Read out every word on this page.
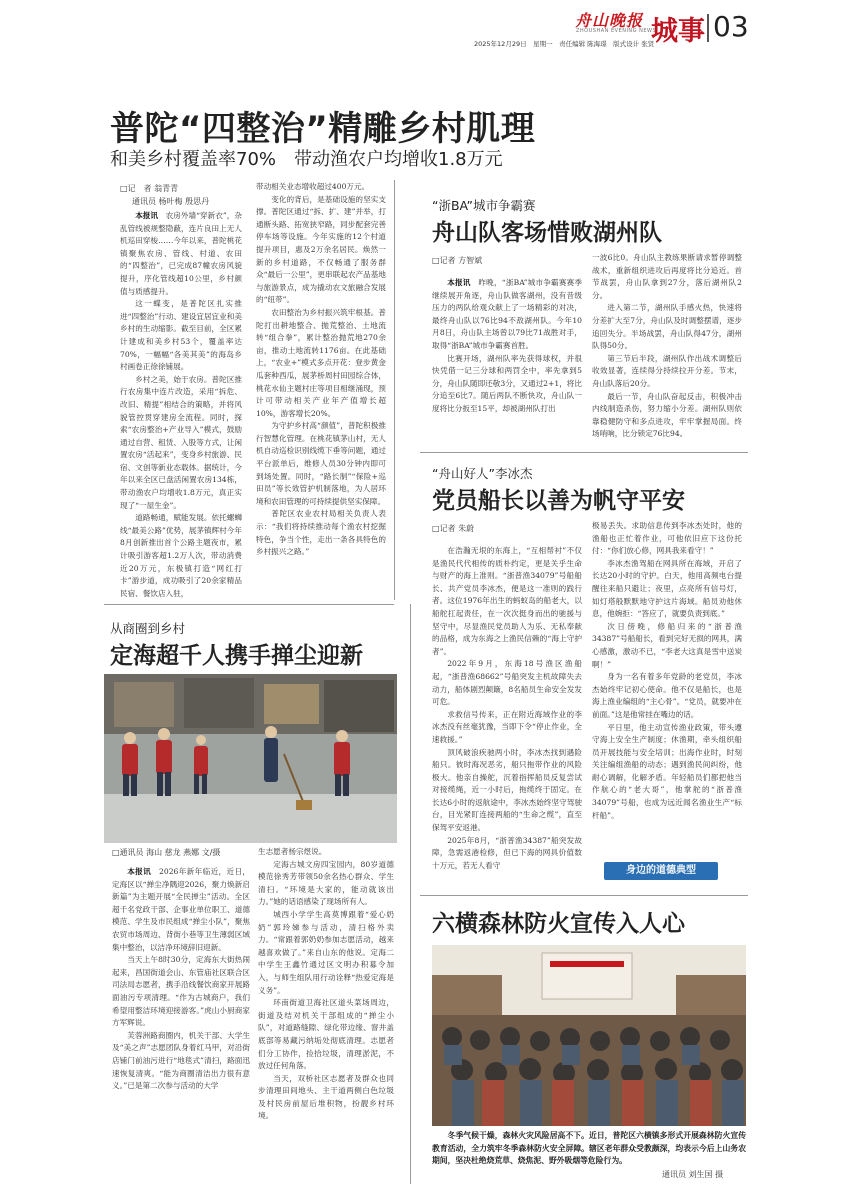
舟山晚报
ZHOUSHAN EVENING NEWS
2025年12月29日　星期一　责任编辑 陈海璟　版式设计 张贤
城事 03
普陀“四整治”精雕乡村肌理
和美乡村覆盖率70%　带动渔农户均增收1.8万元
□记　者 翁青青
通讯员 杨叶梅 殷思丹

本报讯　农房外墙“穿新衣”，杂乱管线被规整隐蔽，连片良田上无人机巡田穿梭……今年以来，普陀桃花镇聚焦农房、管线、村道、农田的“四整治”，已完成87幢农房风貌提升，序化管线超10公里，乡村颜值与质感提升。

这一蝶变，是普陀区扎实推进“四整治”行动、建设宜居宜业和美乡村的生动缩影。截至目前，全区累计建成和美乡村53个，覆盖率达70%，一幅幅“各美其美”的海岛乡村画卷正徐徐铺展。

乡村之美，始于农房。普陀区推行农房集中连片改造，采用“拆危、改旧、精提”相结合的策略，并将风貌管控贯穿建房全流程。同时，探索“农房整治+产业导入”模式，鼓励通过自营、租赁、入股等方式，让闲置农房“活起来”，变身乡村旅游、民宿、文创等新业态载体。据统计，今年以来全区已盘活闲置农房134栋，带动渔农户均增收1.8万元，真正实现了“一屋生金”。

道路畅通，赋能发展。依托螺蛳线“最美公路”优势，展茅镇辉村今年8月创新推出首个公路主题夜市，累计吸引游客超1.2万人次，带动消费近20万元，东极镇打造“网红打卡”游步道，成功吸引了20余家精品民宿、餐饮店入驻，

带动相关业态增收超过400万元。

变化的背后，是基础设施的坚实支撑。普陀区通过“拆、扩、建”并举，打通断头路、拓宽狭窄路，同步配套完善停车场等设施。今年实施的12个村道提升项目，惠及2万余名居民。焕然一新的乡村道路，不仅畅通了服务群众“最后一公里”，更串联起农产品基地与旅游景点，成为撬动农文旅融合发展的“纽带”。

农田整治为乡村振兴筑牢根基。普陀打出耕地整合、抛荒整治、土地流转“组合拳”，累计整治抛荒地270余亩，推动土地流转1176亩。在此基础上，“农业+”模式多点开花：登步黄金瓜套种西瓜，展茅桥周村田园综合体，桃花水仙主题村庄等项目相继涌现，预计可带动相关产业年产值增长超10%，游客增长20%。

为守护乡村高“颜值”，普陀积极推行智慧化管理。在桃花镇茅山村，无人机自动巡检识别线缆下垂等问题，通过平台派单后，维修人员30分钟内即可到场处置。同时，“路长制”“保险+巡田员”等长效管护机制落地，为人居环境和农田管理的可持续提供坚实保障。

普陀区农业农村局相关负责人表示：“我们将持续推动每个渔农村挖掘特色，争当个性，走出一条各具特色的乡村振兴之路。”

“浙BA”城市争霸赛
舟山队客场惜败湖州队
□记者 方智斌

本报讯　昨晚，“浙BA”城市争霸赛赛季继续展开角逐，舟山队做客湖州，没有昔级压力的两队给观众献上了一场精彩的对决，最终舟山队以76比94不敌湖州队。今年10月8日，舟山队主场曾以79比71战胜对手，取得“浙BA”城市争霸赛首胜。

比赛开场，湖州队率先获得球权，并很快凭借一记三分球和两罚全中，率先拿到5分，舟山队随即还敬3分，又通过2+1，将比分追至6比7。随后两队不断快攻，舟山队一度将比分扳至15平，却被湖州队打出

一波6比0。舟山队主教练果断请求暂停调整战术，重新组织进攻后再度将比分追近。首节战罢，舟山队拿到27分，落后湖州队2分。

进入第二节，湖州队手感火热，快速将分差扩大至7分，舟山队及时调整摆谱，逐步追回失分。半场战罢，舟山队得47分，湖州队得50分。

第三节后半段，湖州队作出战术调整后收效显著，连续得分持续拉开分差。节末，舟山队落后20分。

最后一节，舟山队奋起反击，积极冲击内线制造杀伤，努力缩小分差。湖州队则依靠稳健防守和多点进攻，牢牢掌握局面。终场哨响，比分锁定76比94。

“舟山好人”李冰杰
党员船长以善为帆守平安
□记者 朱蔚

在浩瀚无垠的东海上，“互相帮衬”不仅是渔民代代相传的质朴约定，更是关乎生命与财产的海上准则。“浙普渔34079”号船船长、共产党员李冰杰，便是这一准则的践行者。这位1976年出生的蚂蚁岛的船老大，以船舵扛起责任，在一次次挺身而出的驰援与坚守中，尽显渔民党员助人为乐、无私奉献的品格，成为东海之上渔民信赖的“海上守护者”。

2022年9月，东海18号渔区渔船起，“浙普渔68662”号船突发主机故障失去动力，船体剧烈颠簸，8名船员生命安全发发可危。

求救信号传来，正在附近海域作业的李冰杰没有丝毫犹豫，当即下令“停止作业，全速救援。”

顶风破浪疾驰两小时，李冰杰找到遇险船只。彼时海况恶劣，船只拖带作业的风险极大。他亲自操舵，沉着指挥船员反复尝试对接缆绳，近一小时后，拖缆终于固定。在长达6小时的返航途中，李冰杰始终坚守驾驶台，目光紧盯连接两船的“生命之缆”，直至保驾平安返港。

2025年8月，“浙普渔34387”船突发故障，急需返港检修，但已下海的网具价值数十万元，若无人看守

极易丢失。求助信息传到李冰杰处时，他的渔船也正忙着作业，可他依旧应下这份托付：“你们放心修，网具我来看守！”

李冰杰渔驾船在网具所在海域，开启了长达20小时的守护。白天，他用高频电台提醒往来船只避让；夜里，点亮所有信号灯，如灯塔般默默地守护这片海域。船员劝他休息，他婉拒：“答应了，就要负责到底。”

次日傍晚，修船归来的“浙普渔34387”号船船长，看到完好无损的网具，满心感激，激动不已，“李老大这真是雪中送炭啊！”

身为一名有着多年党龄的老党员，李冰杰始终牢记初心使命。他不仅是船长，也是海上渔业编组的“主心骨”。“党员，就要冲在前面。”这是他常挂在嘴边的话。

平日里，他主动宣传渔业政策，带头遵守海上安全生产制度；休渔期，牵头组织船员开展技能与安全培训；出海作业时，时刻关注编组渔船的动态；遇到渔民间纠纷，他耐心调解，化解矛盾。年轻船员们都把他当作航心的“老大哥”，他掌舵的“浙普渔34079”号船，也成为远近闻名渔业生产“标杆船”。

身边的道德典型
从商圈到乡村
定海超千人携手掸尘迎新
□通讯员 海山 慈龙 燕娜 文/摄

本报讯　2026年新年临近，近日，定海区以“掸尘净隅迎2026，聚力焕新启新篇”为主题开展“全民掸尘”活动。全区超千名党政干部、企事业单位职工、道德模范、学生及市民组成“掸尘小队”，聚焦农贸市场周边、背街小巷等卫生薄弱区域集中整治，以洁净环境辞旧迎新。

当天上午8时30分，定海东大街热闹起来，昌国街道会山、东管庙社区联合区司法局志愿者，携手沿线餐饮商家开展路面油污专项清理。“作为古城商户，我们希望用整洁环境迎接游客。”虎山小厨商家方军辉说。

芙蓉洲路商圈内，机关干部、大学生及“美之声”志愿团队身着红马甲，对沿街店铺门前油污进行“地毯式”清扫，路面迅速恢复清爽。“能为商圈清洁出力很有意义。”已是第二次参与活动的大学

生志愿者杨宗煜说。

定海古城文房四宝园内，80岁道德模范徐秀芳带领50余名热心群众、学生清扫。“环境是大家的，能动就该出力。”她的话语感染了现场所有人。

城西小学学生高莫博跟着“爱心奶奶”郭玲娣参与活动，清扫格外卖力。“常跟着郭奶奶参加志愿活动，越来越喜欢做了。”来自山东的他说。定海二中学生王鑫竹通过区文明办积募令加入，与师生组队用行动诠释“热爱定海是义务”。

环南街道卫海社区道头菜场周边，街道及结对机关干部组成的“掸尘小队”，对道路缝隙、绿化带边缘、窨井盖底部等易藏污纳垢处彻底清理。志愿者们分工协作，捡拾垃圾，清理淤泥，不放过任何角落。

当天，双桥社区志愿者及群众也同步清理田间地头、主干道两侧白色垃圾及村民房前屋后堆积物，扮靓乡村环境。

六横森林防火宣传入人心
冬季气候干燥，森林火灾风险居高不下。近日，普陀区六横镇多形式开展森林防火宣传教育活动，全力筑牢冬季森林防火安全屏障。辖区老年群众受教颇深，均表示今后上山务农期间，坚决杜绝烧荒草、烧焦泥、野外吸烟等危险行为。
通讯员 刘生国 摄
